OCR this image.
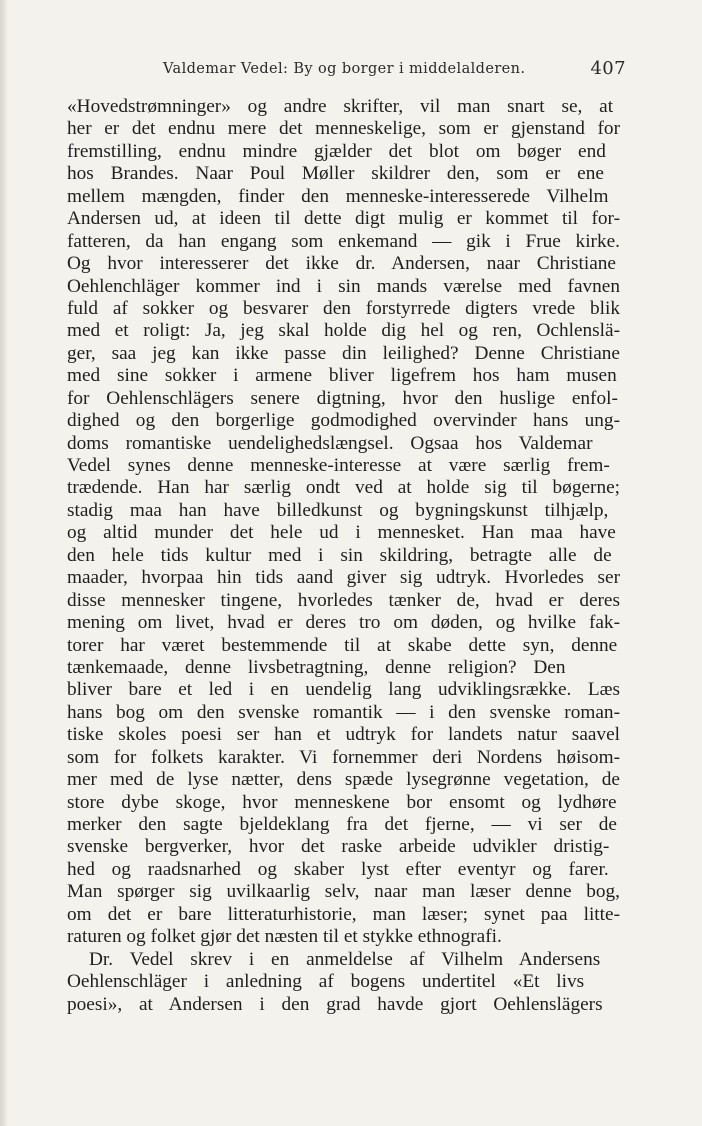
Valdemar Vedel: By og borger i middelalderen.	407
«Hovedstrømninger» og andre skrifter, vil man snart se, at
her er det endnu mere det menneskelige, som er gjenstand for
fremstilling, endnu mindre gjælder det blot om bøger end
hos Brandes. Naar Poul Møller skildrer den, som er ene
mellem mængden, finder den menneske-interesserede Vilhelm
Andersen ud, at ideen til dette digt mulig er kommet til for-
fatteren, da han engang som enkemand — gik i Frue kirke.
Og hvor interesserer det ikke dr. Andersen, naar Christiane
Oehlenchläger kommer ind i sin mands værelse med favnen
fuld af sokker og besvarer den forstyrrede digters vrede blik
med et roligt: Ja, jeg skal holde dig hel og ren, Ochlenslä-
ger, saa jeg kan ikke passe din leilighed? Denne Christiane
med sine sokker i armene bliver ligefrem hos ham musen
for Oehlenschlägers senere digtning, hvor den huslige enfol-
dighed og den borgerlige godmodighed overvinder hans ung-
doms romantiske uendelighedslængsel. Ogsaa hos Valdemar
Vedel synes denne menneske-interesse at være særlig frem-
trædende. Han har særlig ondt ved at holde sig til bøgerne;
stadig maa han have billedkunst og bygningskunst tilhjælp,
og altid munder det hele ud i mennesket. Han maa have
den hele tids kultur med i sin skildring, betragte alle de
maader, hvorpaa hin tids aand giver sig udtryk. Hvorledes ser
disse mennesker tingene, hvorledes tænker de, hvad er deres
mening om livet, hvad er deres tro om døden, og hvilke fak-
torer har været bestemmende til at skabe dette syn, denne
tænkemaade, denne livsbetragtning, denne religion? Den
bliver bare et led i en uendelig lang udviklingsrække. Læs
hans bog om den svenske romantik — i den svenske roman-
tiske skoles poesi ser han et udtryk for landets natur saavel
som for folkets karakter. Vi fornemmer deri Nordens høisom-
mer med de lyse nætter, dens spæde lysegrønne vegetation, de
store dybe skoge, hvor menneskene bor ensomt og lydhøre
merker den sagte bjeldeklang fra det fjerne, — vi ser de
svenske bergverker, hvor det raske arbeide udvikler dristig-
hed og raadsnarhed og skaber lyst efter eventyr og farer.
Man spørger sig uvilkaarlig selv, naar man læser denne bog,
om det er bare litteraturhistorie, man læser; synet paa litte-
raturen og folket gjør det næsten til et stykke ethnografi.
Dr. Vedel skrev i en anmeldelse af Vilhelm Andersens
Oehlenschläger i anledning af bogens undertitel «Et livs
poesi», at Andersen i den grad havde gjort Oehlenslägers
